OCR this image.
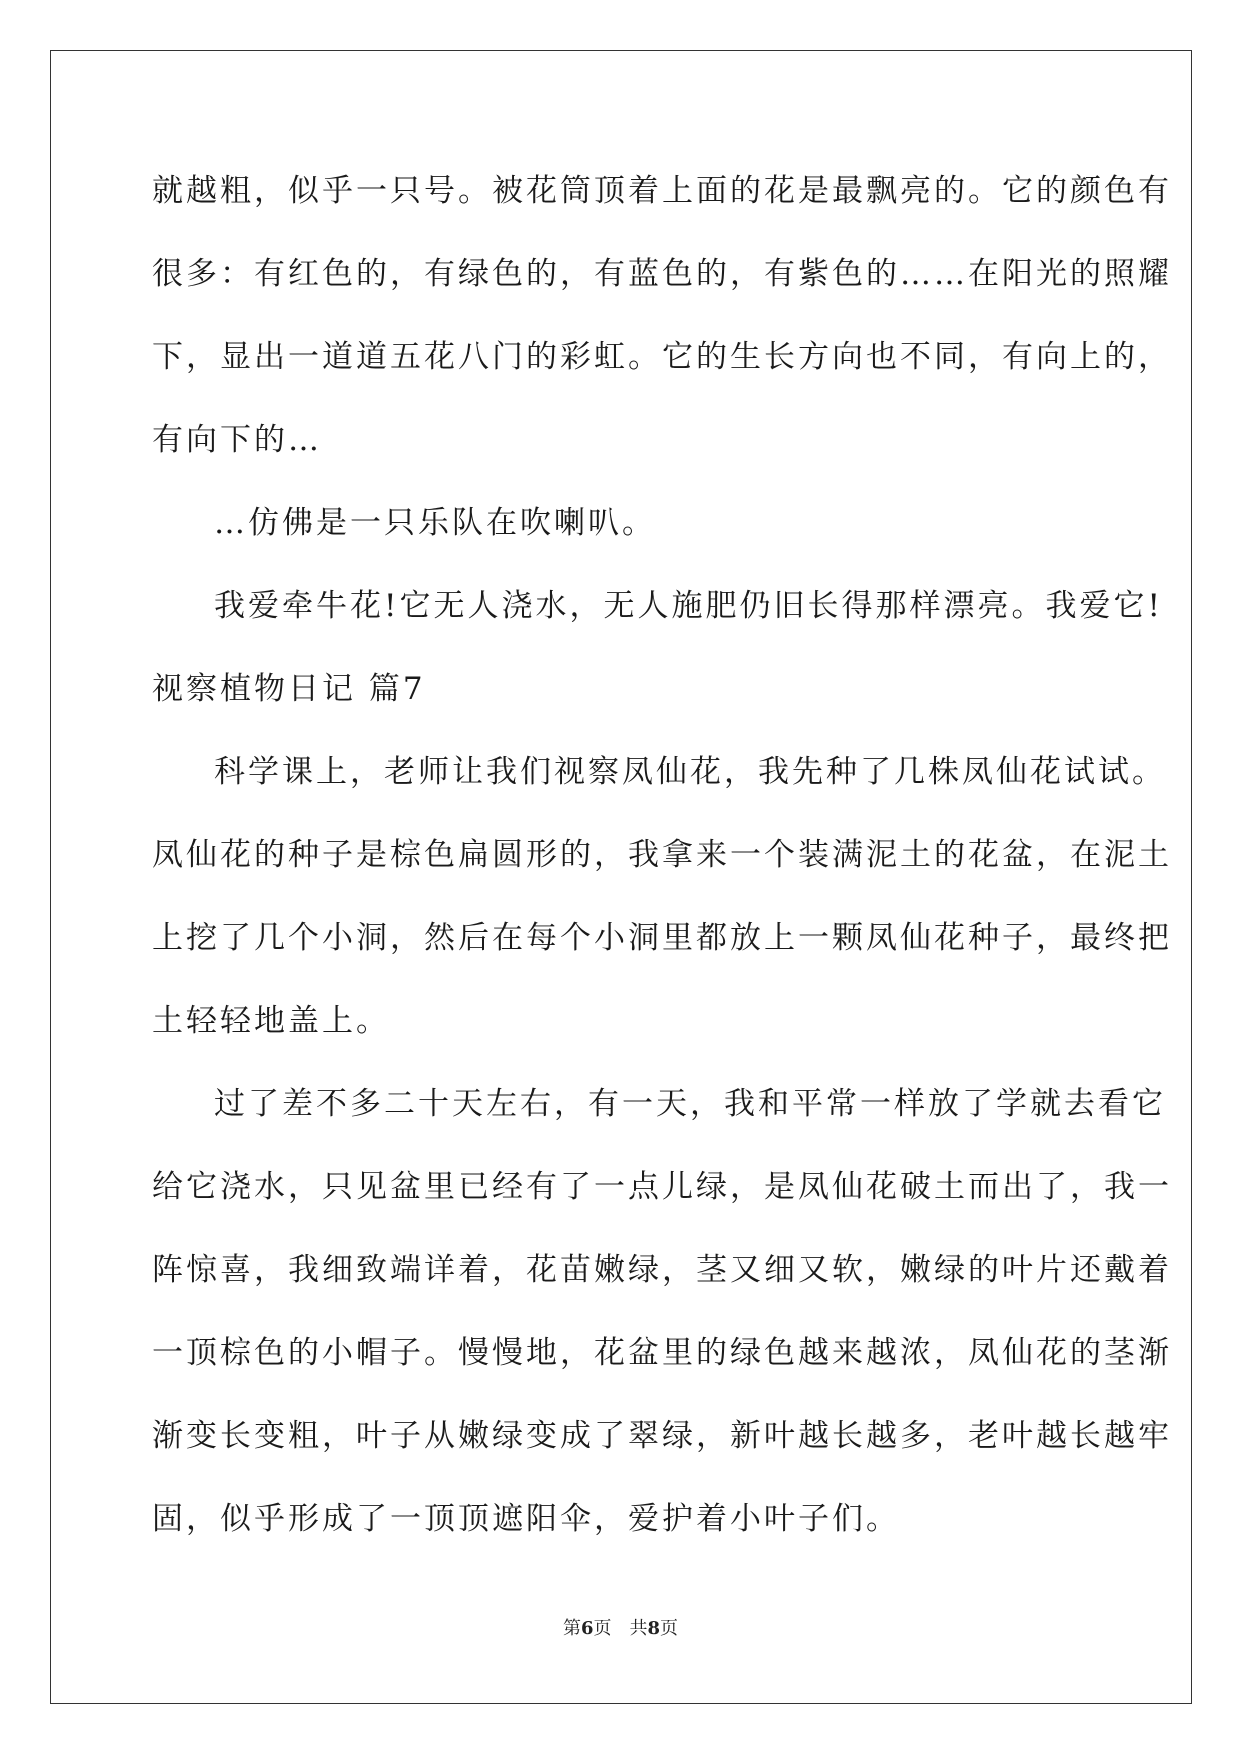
就越粗，似乎一只号。被花筒顶着上面的花是最飘亮的。它的颜色有
很多：有红色的，有绿色的，有蓝色的，有紫色的……在阳光的照耀
下，显出一道道五花八门的彩虹。它的生长方向也不同，有向上的，
有向下的…
…仿佛是一只乐队在吹喇叭。
我爱牵牛花!它无人浇水，无人施肥仍旧长得那样漂亮。我爱它!
视察植物日记 篇7
科学课上，老师让我们视察凤仙花，我先种了几株凤仙花试试。
凤仙花的种子是棕色扁圆形的，我拿来一个装满泥土的花盆，在泥土
上挖了几个小洞，然后在每个小洞里都放上一颗凤仙花种子，最终把
土轻轻地盖上。
过了差不多二十天左右，有一天，我和平常一样放了学就去看它
给它浇水，只见盆里已经有了一点儿绿，是凤仙花破土而出了，我一
阵惊喜，我细致端详着，花苗嫩绿，茎又细又软，嫩绿的叶片还戴着
一顶棕色的小帽子。慢慢地，花盆里的绿色越来越浓，凤仙花的茎渐
渐变长变粗，叶子从嫩绿变成了翠绿，新叶越长越多，老叶越长越牢
固，似乎形成了一顶顶遮阳伞，爱护着小叶子们。
第6页　共8页
